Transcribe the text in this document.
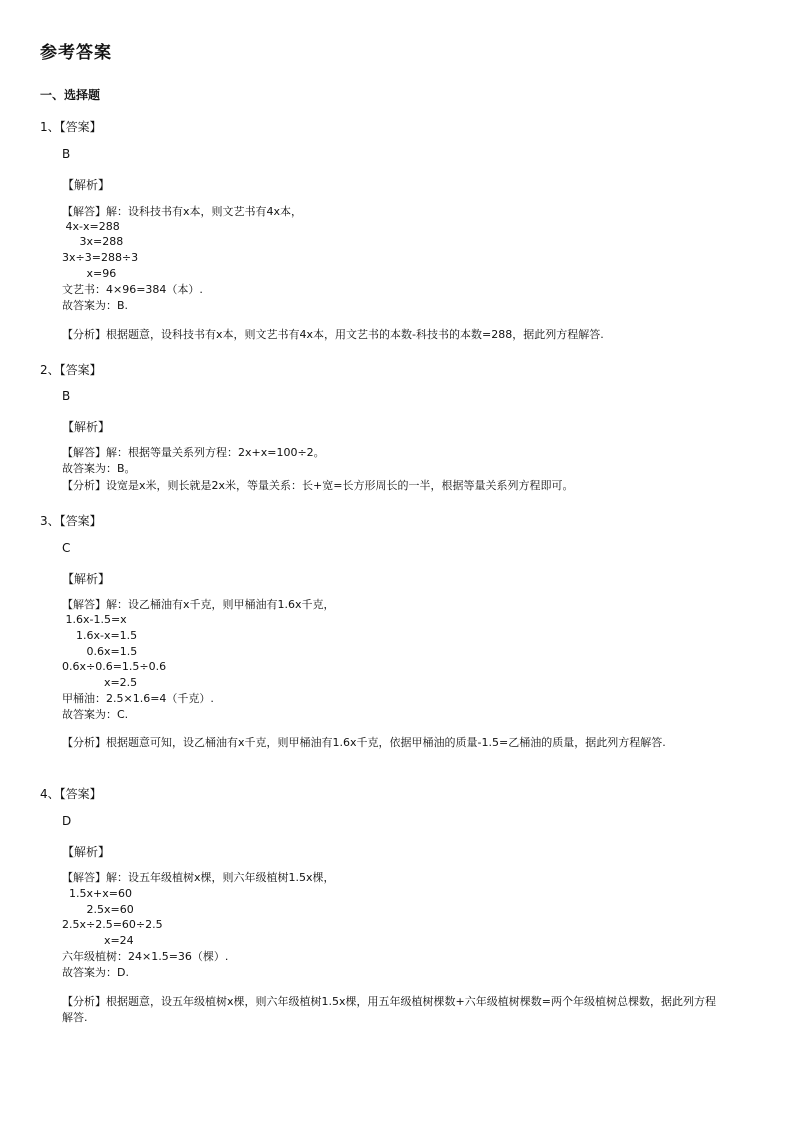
参考答案
一、选择题
1、【答案】
B
【解析】
【解答】解：设科技书有x本，则文艺书有4x本，
4x-x=288
3x=288
3x÷3=288÷3
x=96
文艺书：4×96=384（本）.
故答案为：B.
【分析】根据题意，设科技书有x本，则文艺书有4x本，用文艺书的本数-科技书的本数=288，据此列方程解答.
2、【答案】
B
【解析】
【解答】解：根据等量关系列方程：2x+x=100÷2。
故答案为：B。
【分析】设宽是x米，则长就是2x米，等量关系：长+宽=长方形周长的一半，根据等量关系列方程即可。
3、【答案】
C
【解析】
【解答】解：设乙桶油有x千克，则甲桶油有1.6x千克，
1.6x-1.5=x
1.6x-x=1.5
0.6x=1.5
0.6x÷0.6=1.5÷0.6
x=2.5
甲桶油：2.5×1.6=4（千克）.
故答案为：C.
【分析】根据题意可知，设乙桶油有x千克，则甲桶油有1.6x千克，依据甲桶油的质量-1.5=乙桶油的质量，据此列方程解答.
4、【答案】
D
【解析】
【解答】解：设五年级植树x棵，则六年级植树1.5x棵，
1.5x+x=60
2.5x=60
2.5x÷2.5=60÷2.5
x=24
六年级植树：24×1.5=36（棵）.
故答案为：D.
【分析】根据题意，设五年级植树x棵，则六年级植树1.5x棵，用五年级植树棵数+六年级植树棵数=两个年级植树总棵数，据此列方程解答.
